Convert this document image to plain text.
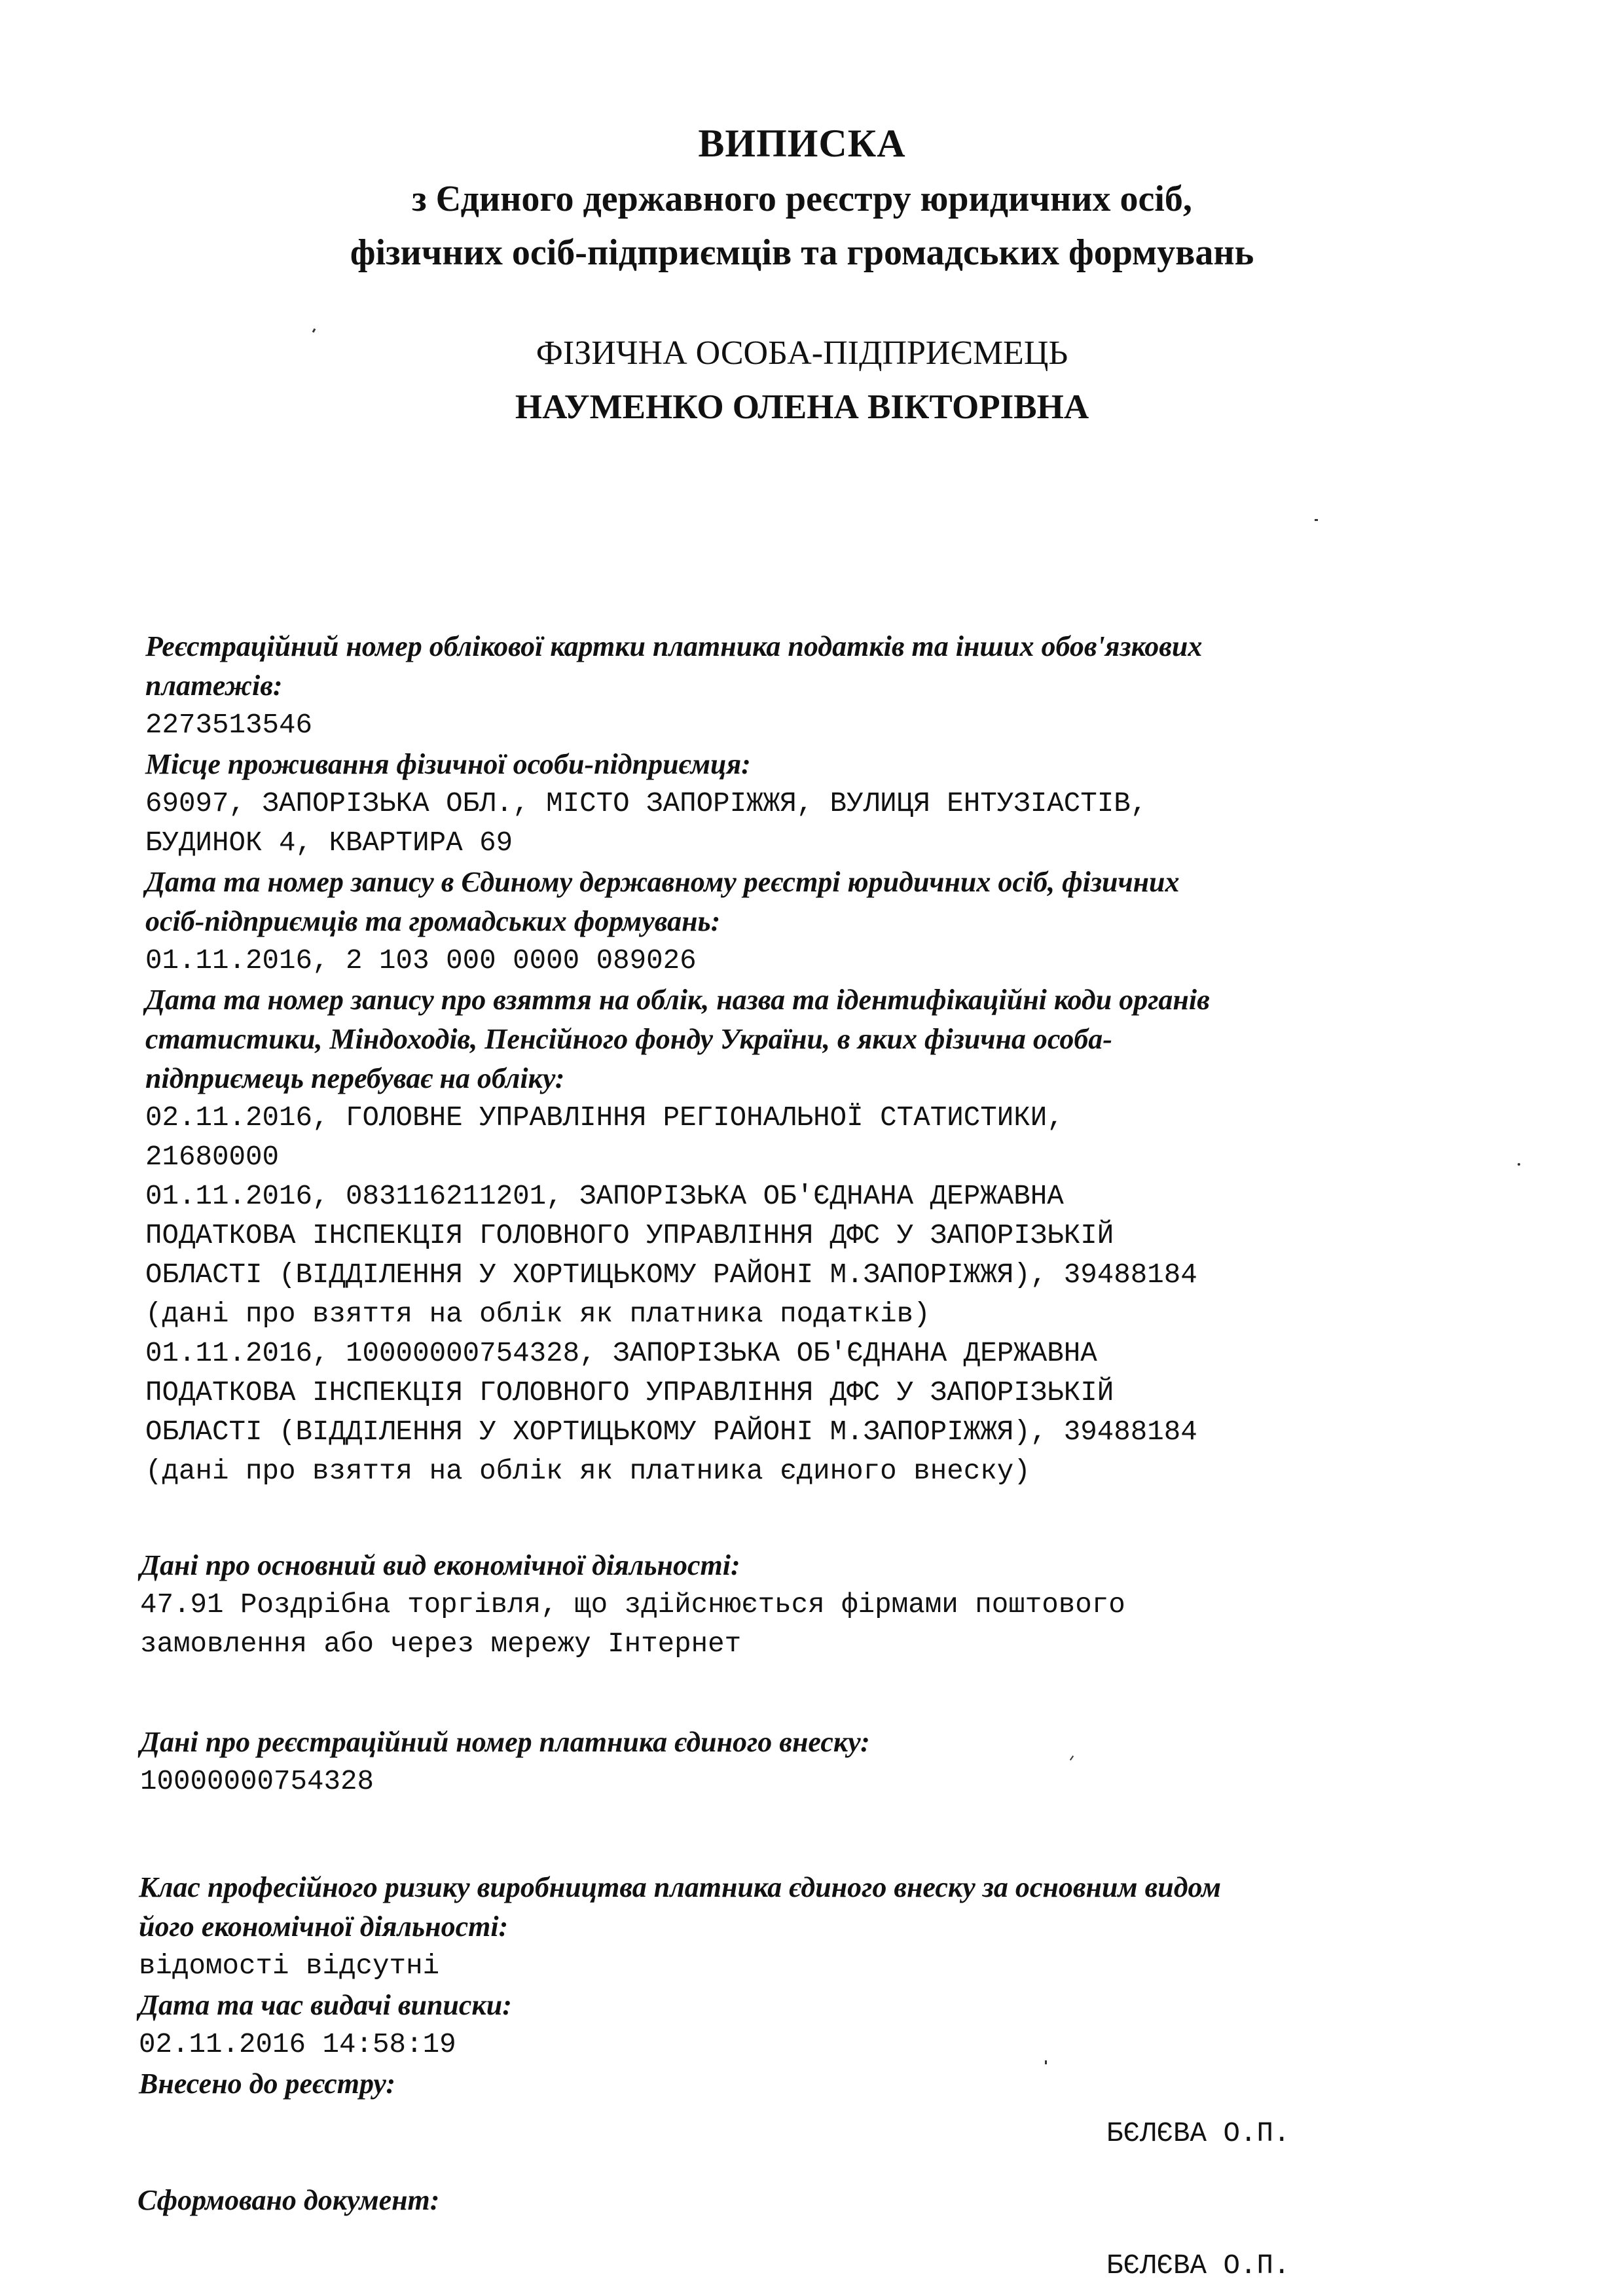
ВИПИСКА
з Єдиного державного реєстру юридичних осіб,
фізичних осіб-підприємців та громадських формувань
ФІЗИЧНА ОСОБА-ПІДПРИЄМЕЦЬ
НАУМЕНКО ОЛЕНА ВІКТОРІВНА

Реєстраційний номер облікової картки платника податків та інших обов'язкових

платежів:

2273513546

Місце проживання фізичної особи-підприємця:

69097, ЗАПОРІЗЬКА ОБЛ., МІСТО ЗАПОРІЖЖЯ, ВУЛИЦЯ ЕНТУЗІАСТІВ,

БУДИНОК 4, КВАРТИРА 69

Дата та номер запису в Єдиному державному реєстрі юридичних осіб, фізичних

осіб-підприємців та громадських формувань:

01.11.2016, 2 103 000 0000 089026

Дата та номер запису про взяття на облік, назва та ідентифікаційні коди органів

статистики, Міндоходів, Пенсійного фонду України, в яких фізична особа-

підприємець перебуває на обліку:

02.11.2016, ГОЛОВНЕ УПРАВЛІННЯ РЕГІОНАЛЬНОЇ СТАТИСТИКИ,

21680000

01.11.2016, 083116211201, ЗАПОРІЗЬКА ОБ'ЄДНАНА ДЕРЖАВНА

ПОДАТКОВА ІНСПЕКЦІЯ ГОЛОВНОГО УПРАВЛІННЯ ДФС У ЗАПОРІЗЬКІЙ

ОБЛАСТІ (ВІДДІЛЕННЯ У ХОРТИЦЬКОМУ РАЙОНІ М.ЗАПОРІЖЖЯ), 39488184

(дані про взяття на облік як платника податків)

01.11.2016, 10000000754328, ЗАПОРІЗЬКА ОБ'ЄДНАНА ДЕРЖАВНА

ПОДАТКОВА ІНСПЕКЦІЯ ГОЛОВНОГО УПРАВЛІННЯ ДФС У ЗАПОРІЗЬКІЙ

ОБЛАСТІ (ВІДДІЛЕННЯ У ХОРТИЦЬКОМУ РАЙОНІ М.ЗАПОРІЖЖЯ), 39488184

(дані про взяття на облік як платника єдиного внеску)

Дані про основний вид економічної діяльності:

47.91 Роздрібна торгівля, що здійснюється фірмами поштового

замовлення або через мережу Інтернет

Дані про реєстраційний номер платника єдиного внеску:

10000000754328

Клас професійного ризику виробництва платника єдиного внеску за основним видом

його економічної діяльності:

відомості відсутні

Дата та час видачі виписки:

02.11.2016 14:58:19

Внесено до реєстру:

БЄЛЄВА О.П.

Сформовано документ:

БЄЛЄВА О.П.
